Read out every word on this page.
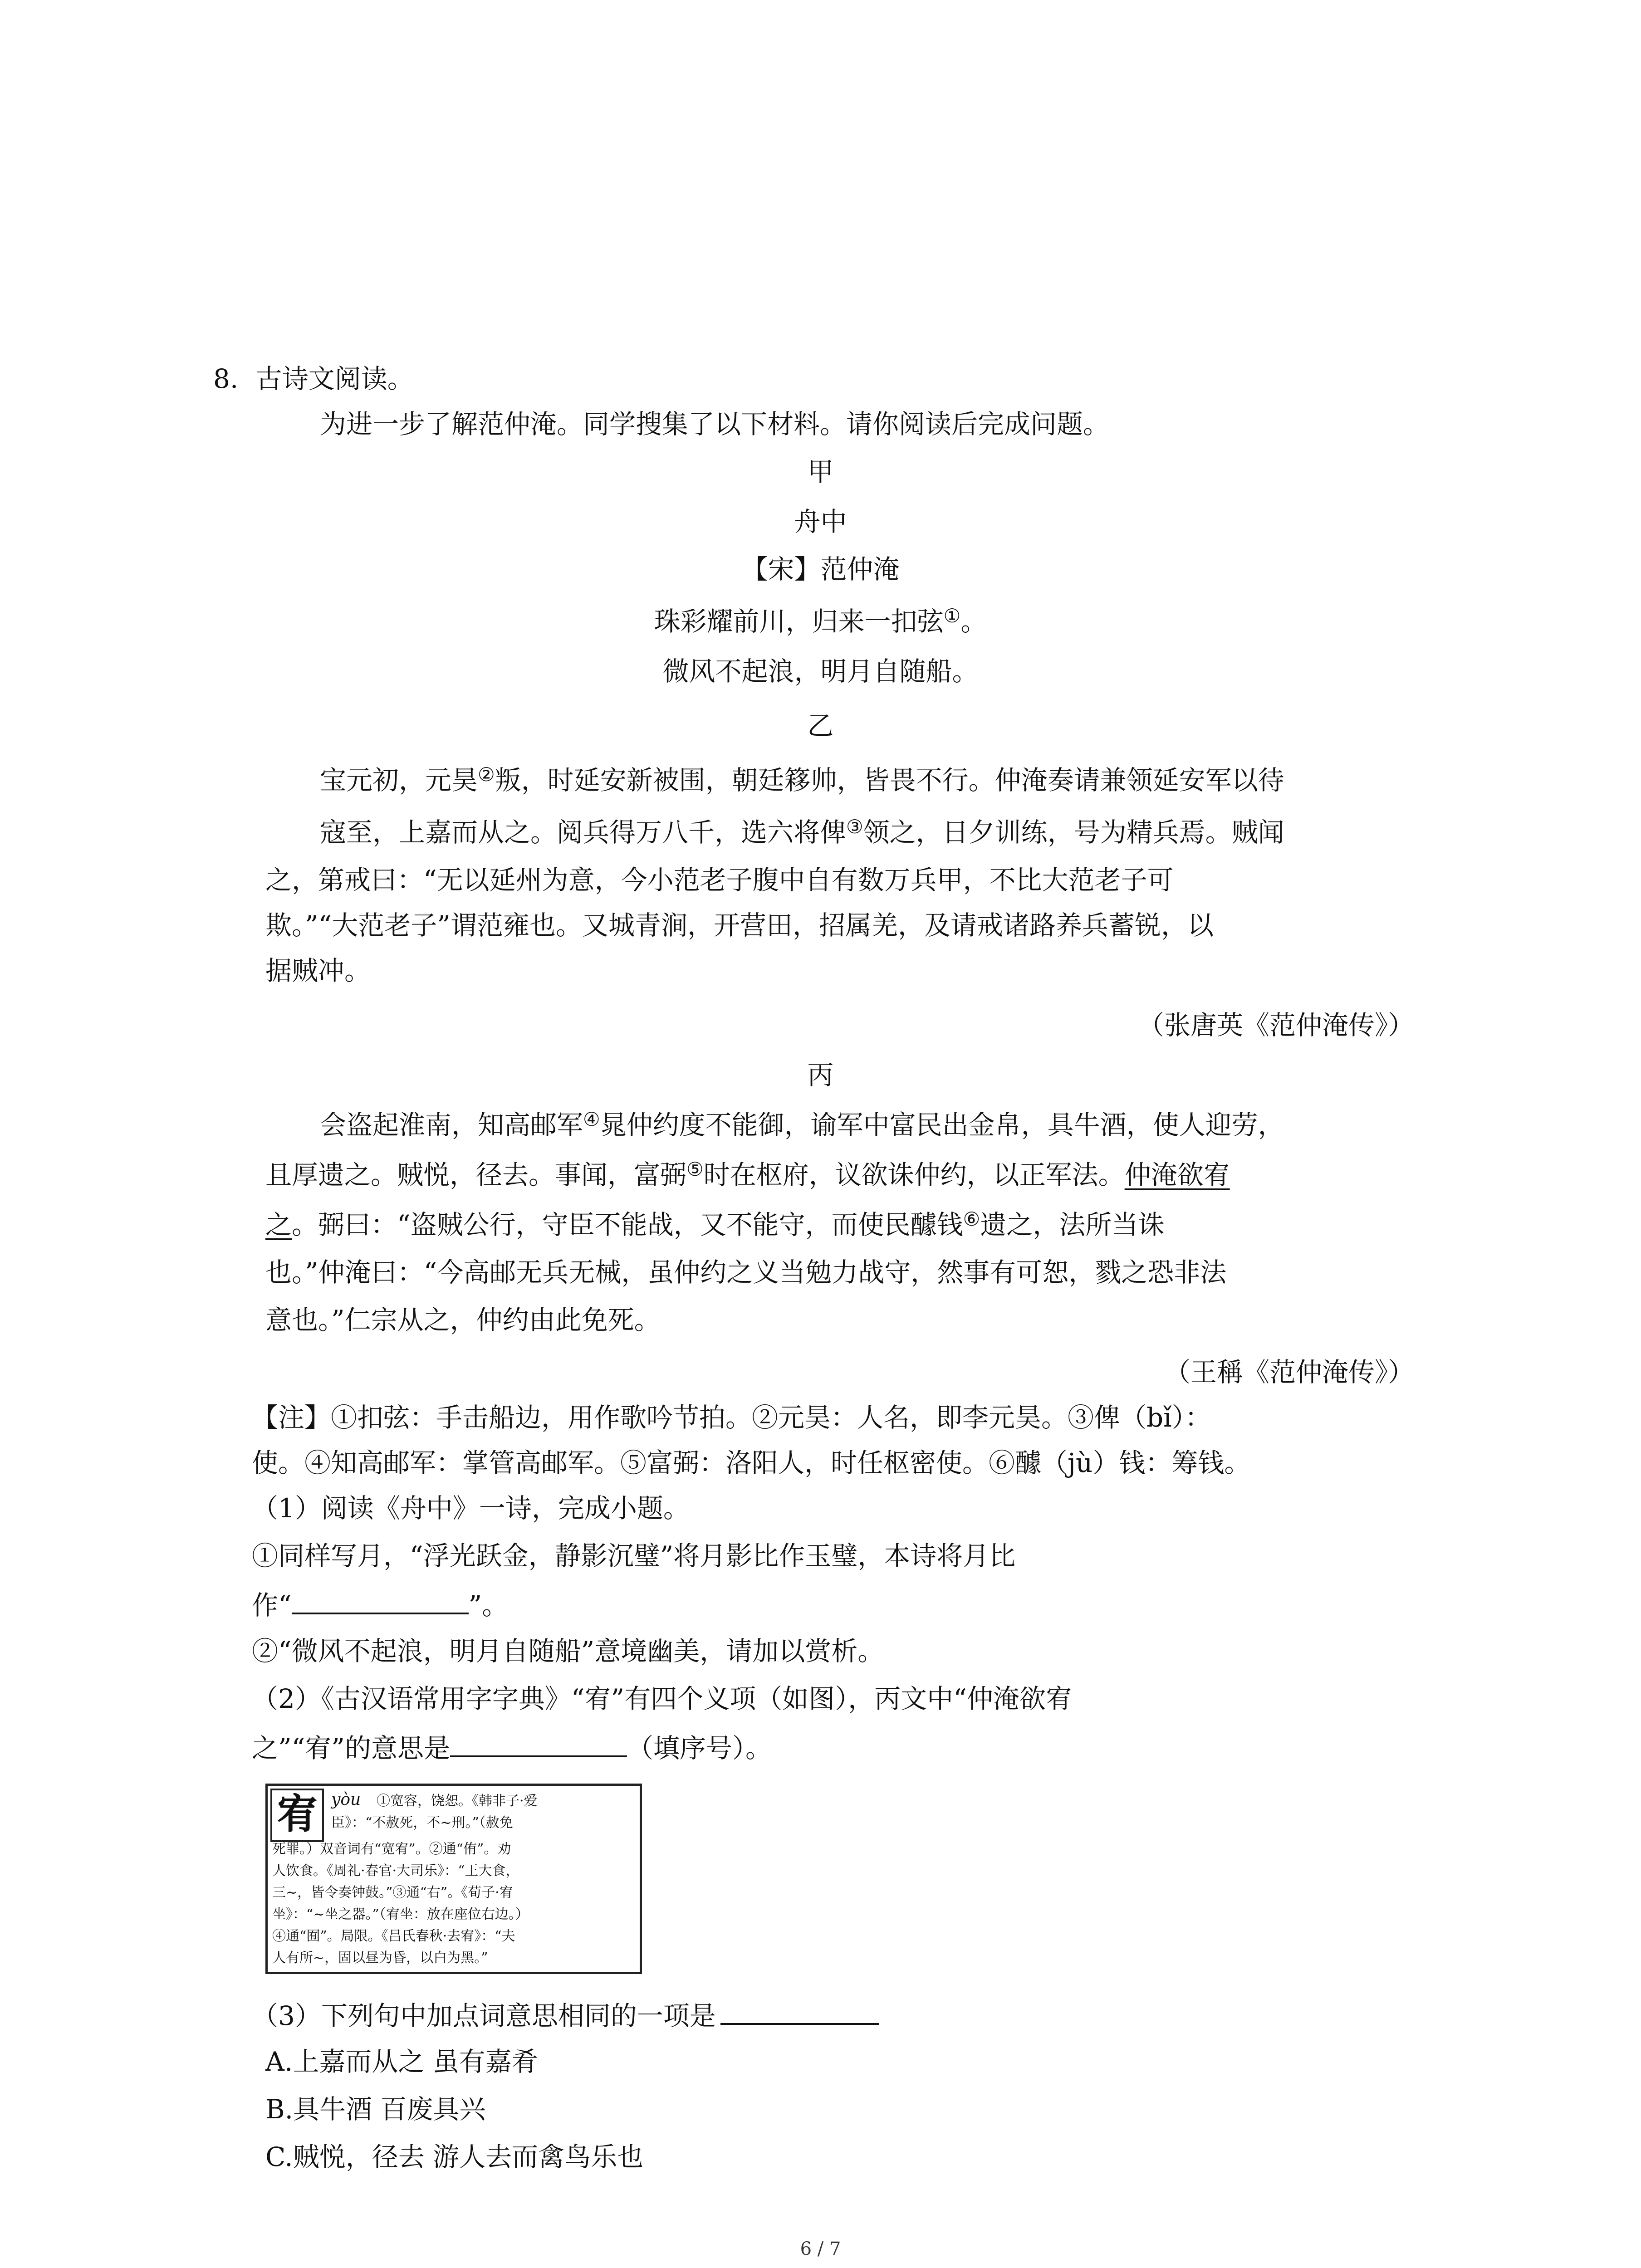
8. 古诗文阅读。
为进一步了解范仲淹。同学搜集了以下材料。请你阅读后完成问题。
甲
舟中
【宋】范仲淹
珠彩耀前川，归来一扣弦①。
微风不起浪，明月自随船。
乙
宝元初，元昊②叛，时延安新被围，朝廷簃帅，皆畏不行。仲淹奏请兼领延安军以待
寇至，上嘉而从之。阅兵得万八千，选六将俾③领之，日夕训练，号为精兵焉。贼闻
之，第戒曰：“无以延州为意，今小范老子腹中自有数万兵甲，不比大范老子可
欺。”“大范老子”谓范雍也。又城青涧，开营田，招属羌，及请戒诸路养兵蓄锐，以
据贼冲。
（张唐英《范仲淹传》）
丙
会盗起淮南，知高邮军④晁仲约度不能御，谕军中富民出金帛，具牛酒，使人迎劳，
且厚遗之。贼悦，径去。事闻，富弼⑤时在枢府，议欲诛仲约，以正军法。仲淹欲宥
之。弼曰：“盗贼公行，守臣不能战，又不能守，而使民醵钱⑥遗之，法所当诛
也。”仲淹曰：“今高邮无兵无械，虽仲约之义当勉力战守，然事有可恕，戮之恐非法
意也。”仁宗从之，仲约由此免死。
（王稱《范仲淹传》）
【注】①扣弦：手击船边，用作歌吟节拍。②元昊：人名，即李元昊。③俾（bǐ）：
使。④知高邮军：掌管高邮军。⑤富弼：洛阳人，时任枢密使。⑥醵（jù）钱：筹钱。
（1）阅读《舟中》一诗，完成小题。
①同样写月，“浮光跃金，静影沉璧”将月影比作玉璧，本诗将月比
作“	”。
②“微风不起浪，明月自随船”意境幽美，请加以赏析。
（2）《古汉语常用字字典》“宥”有四个义项（如图），丙文中“仲淹欲宥
之”“宥”的意思是	（填序号）。
宥 yòu ①宽容，饶恕。《韩非子·爱
臣》：“不赦死，不~刑。”（赦免
死罪。）双音词有“宽宥”。②通“侑”。劝
人饮食。《周礼·春官·大司乐》：“王大食，
三~，皆令奏钟鼓。”③通“右”。《荀子·宥
坐》：“~坐之器。”（宥坐：放在座位右边。）
④通“囿”。局限。《吕氏春秋·去宥》：“夫
人有所~，固以昼为昏，以白为黑。”
（3）下列句中加点词意思相同的一项是
A.上嘉而从之 虽有嘉肴
B.具牛酒 百废具兴
C.贼悦，径去 游人去而禽鸟乐也
6 / 7
